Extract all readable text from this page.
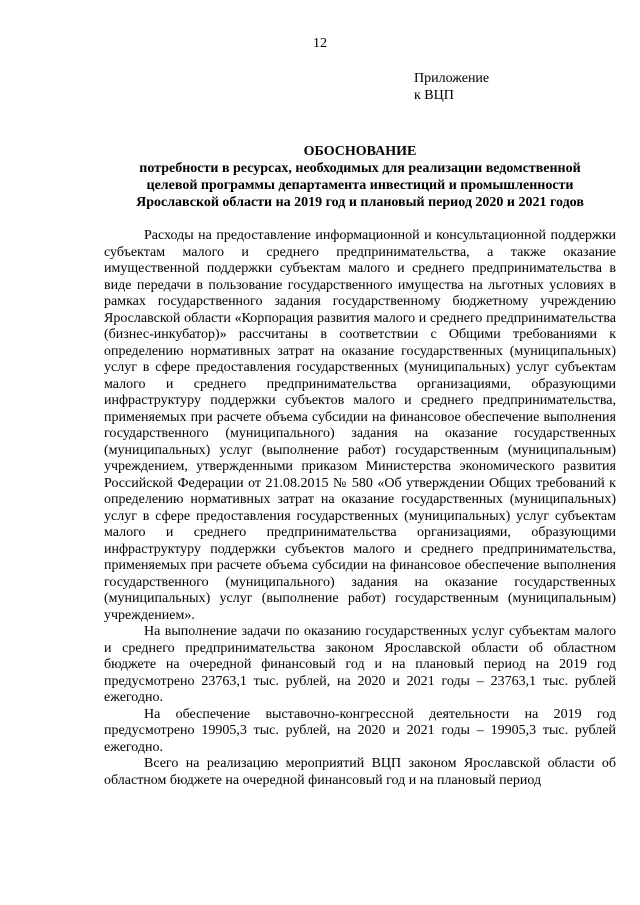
12
Приложение
к ВЦП
ОБОСНОВАНИЕ
потребности в ресурсах, необходимых для реализации ведомственной
целевой программы департамента инвестиций и промышленности
Ярославской области на 2019 год и плановый период 2020 и 2021 годов

Расходы на предоставление информационной и консультационной поддержки субъектам малого и среднего предпринимательства, а также оказание имущественной поддержки субъектам малого и среднего предпринимательства в виде передачи в пользование государственного имущества на льготных условиях в рамках государственного задания государственному бюджетному учреждению Ярославской области «Корпорация развития малого и среднего предпринимательства (бизнес-инкубатор)» рассчитаны в соответствии с Общими требованиями к определению нормативных затрат на оказание государственных (муниципальных) услуг в сфере предоставления государственных (муниципальных) услуг субъектам малого и среднего предпринимательства организациями, образующими инфраструктуру поддержки субъектов малого и среднего предпринимательства, применяемых при расчете объема субсидии на финансовое обеспечение выполнения государственного (муниципального) задания на оказание государственных (муниципальных) услуг (выполнение работ) государственным (муниципальным) учреждением, утвержденными приказом Министерства экономического развития Российской Федерации от 21.08.2015 № 580 «Об утверждении Общих требований к определению нормативных затрат на оказание государственных (муниципальных) услуг в сфере предоставления государственных (муниципальных) услуг субъектам малого и среднего предпринимательства организациями, образующими инфраструктуру поддержки субъектов малого и среднего предпринимательства, применяемых при расчете объема субсидии на финансовое обеспечение выполнения государственного (муниципального) задания на оказание государственных (муниципальных) услуг (выполнение работ) государственным (муниципальным) учреждением».

На выполнение задачи по оказанию государственных услуг субъектам малого и среднего предпринимательства законом Ярославской области об областном бюджете на очередной финансовый год и на плановый период на 2019 год предусмотрено 23763,1 тыс. рублей, на 2020 и 2021 годы – 23763,1 тыс. рублей ежегодно.

На обеспечение выставочно-конгрессной деятельности на 2019 год предусмотрено 19905,3 тыс. рублей, на 2020 и 2021 годы – 19905,3 тыс. рублей ежегодно.

Всего на реализацию мероприятий ВЦП законом Ярославской области об областном бюджете на очередной финансовый год и на плановый период
